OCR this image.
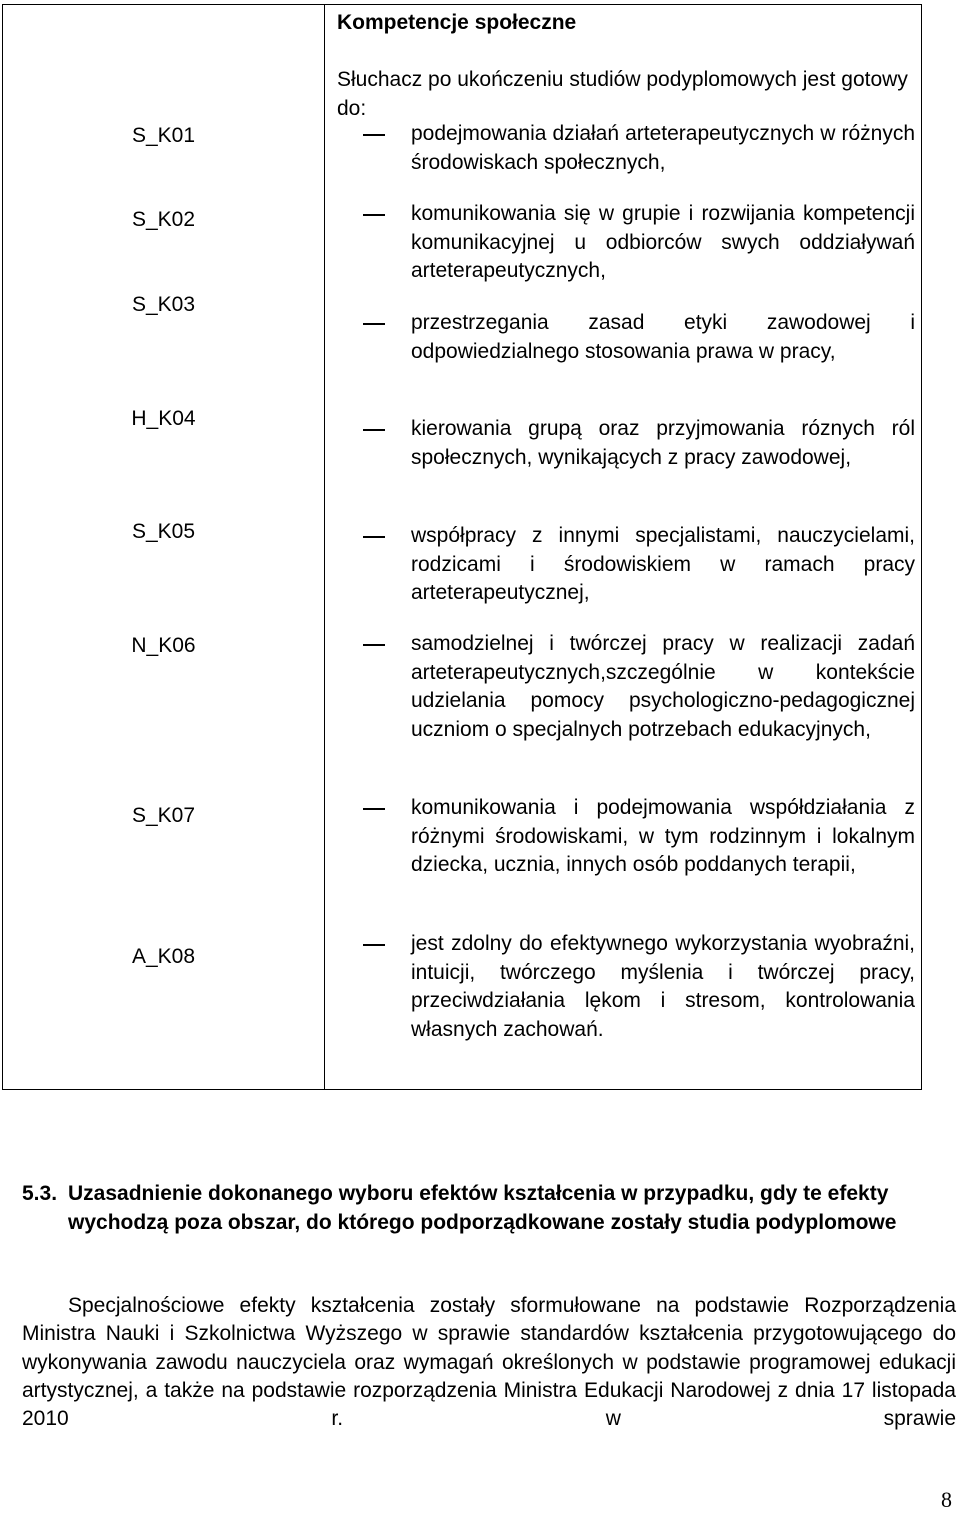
S_K01
S_K02
S_K03
H_K04
S_K05
N_K06
S_K07
A_K08
Kompetencje społeczne
Słuchacz po ukończeniu studiów podyplomowych jest gotowy do:
podejmowania działań arteterapeutycznych w różnych środowiskach społecznych,
komunikowania się w grupie i rozwijania kompetencji komunikacyjnej u odbiorców swych oddziaływań arteterapeutycznych,
przestrzegania zasad etyki zawodowej i odpowiedzialnego stosowania prawa w pracy,
kierowania grupą oraz przyjmowania róznych ról społecznych, wynikających z pracy zawodowej,
współpracy z innymi specjalistami, nauczycielami, rodzicami i środowiskiem w ramach pracy arteterapeutycznej,
samodzielnej i twórczej pracy w realizacji zadań arteterapeutycznych,szczególnie w kontekście udzielania pomocy psychologiczno-pedagogicznej uczniom o specjalnych potrzebach edukacyjnych,
komunikowania i podejmowania współdziałania z różnymi środowiskami, w tym rodzinnym i lokalnym dziecka, ucznia, innych osób poddanych terapii,
jest zdolny do efektywnego wykorzystania wyobraźni, intuicji, twórczego myślenia i twórczej pracy, przeciwdziałania lękom i stresom, kontrolowania własnych zachowań.
5.3. Uzasadnienie dokonanego wyboru efektów kształcenia w przypadku, gdy te efekty wychodzą poza obszar, do którego podporządkowane zostały studia podyplomowe
Specjalnościowe efekty kształcenia zostały sformułowane na podstawie Rozporządzenia Ministra Nauki i Szkolnictwa Wyższego w sprawie standardów kształcenia przygotowującego do wykonywania zawodu nauczyciela oraz wymagań określonych w podstawie programowej edukacji artystycznej, a także na podstawie rozporządzenia Ministra Edukacji Narodowej z dnia 17 listopada 2010 r. w sprawie
8
